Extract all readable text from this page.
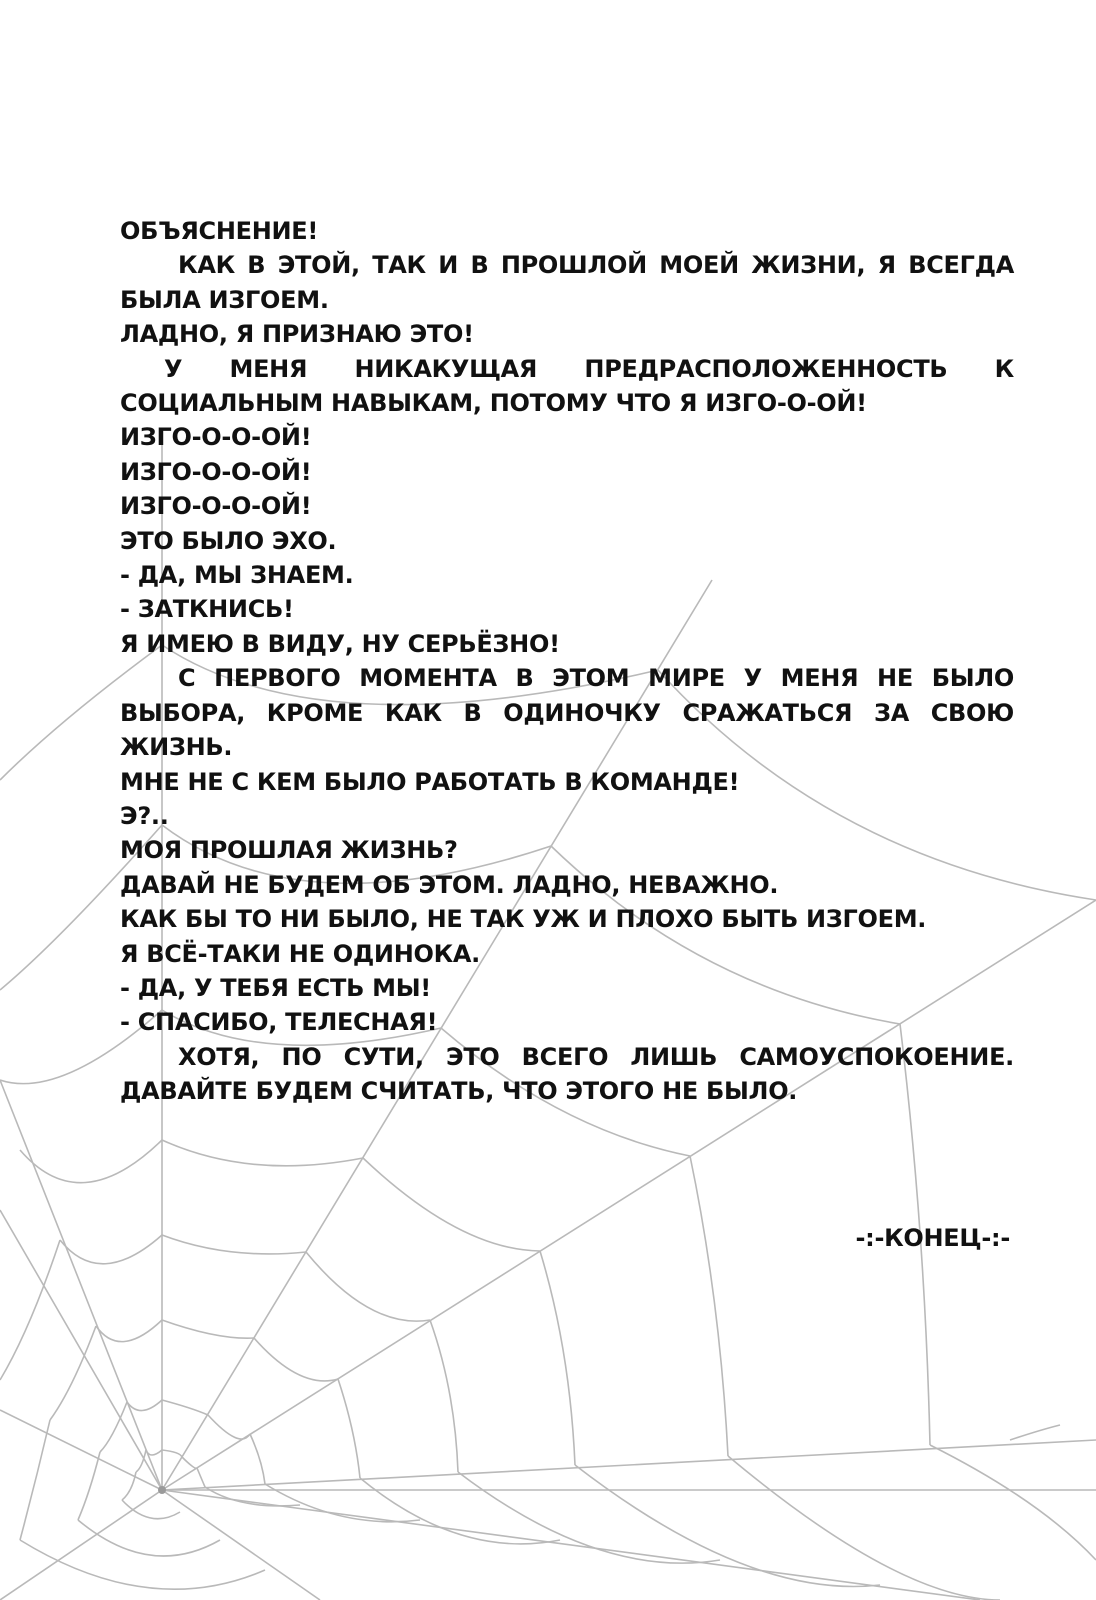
ОБЪЯСНЕНИЕ!

КАК В ЭТОЙ, ТАК И В ПРОШЛОЙ МОЕЙ ЖИЗНИ, Я ВСЕГДА БЫЛА ИЗГОЕМ.

ЛАДНО, Я ПРИЗНАЮ ЭТО!

У МЕНЯ НИКАКУЩАЯ ПРЕДРАСПОЛОЖЕННОСТЬ К СОЦИАЛЬНЫМ НАВЫКАМ, ПОТОМУ ЧТО Я ИЗГО-О-ОЙ!

ИЗГО-О-О-ОЙ!

ИЗГО-О-О-ОЙ!

ИЗГО-О-О-ОЙ!

ЭТО БЫЛО ЭХО.

- ДА, МЫ ЗНАЕМ.

- ЗАТКНИСЬ!

Я ИМЕЮ В ВИДУ, НУ СЕРЬЁЗНО!

С ПЕРВОГО МОМЕНТА В ЭТОМ МИРЕ У МЕНЯ НЕ БЫЛО ВЫБОРА, КРОМЕ КАК В ОДИНОЧКУ СРАЖАТЬСЯ ЗА СВОЮ ЖИЗНЬ.

МНЕ НЕ С КЕМ БЫЛО РАБОТАТЬ В КОМАНДЕ!

Э?..

МОЯ ПРОШЛАЯ ЖИЗНЬ?

ДАВАЙ НЕ БУДЕМ ОБ ЭТОМ. ЛАДНО, НЕВАЖНО.

КАК БЫ ТО НИ БЫЛО, НЕ ТАК УЖ И ПЛОХО БЫТЬ ИЗГОЕМ.

Я ВСЁ-ТАКИ НЕ ОДИНОКА.

- ДА, У ТЕБЯ ЕСТЬ МЫ!

- СПАСИБО, ТЕЛЕСНАЯ!

ХОТЯ, ПО СУТИ, ЭТО ВСЕГО ЛИШЬ САМОУСПОКОЕНИЕ. ДАВАЙТЕ БУДЕМ СЧИТАТЬ, ЧТО ЭТОГО НЕ БЫЛО.

-:-КОНЕЦ-:-
